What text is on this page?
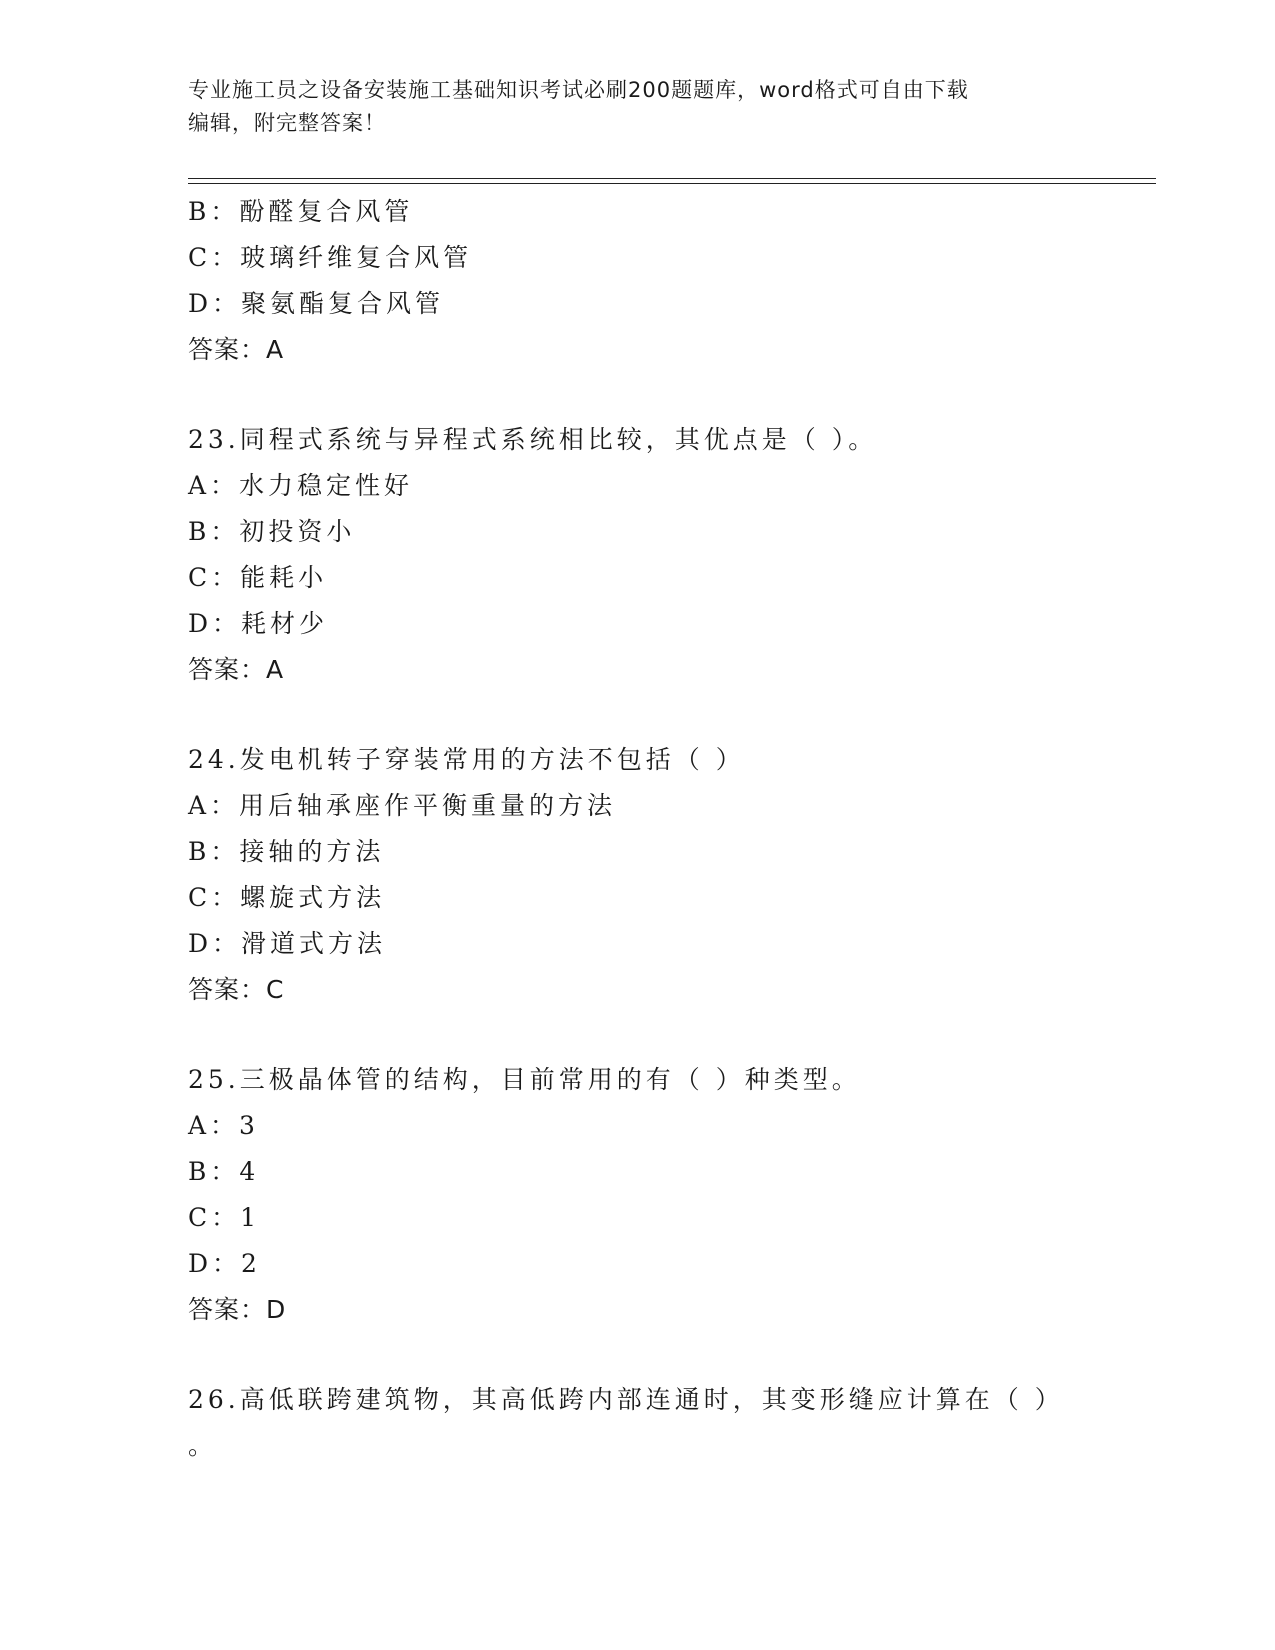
专业施工员之设备安装施工基础知识考试必刷200题题库，word格式可自由下载
编辑，附完整答案！
B：酚醛复合风管
C：玻璃纤维复合风管
D：聚氨酯复合风管
答案：A
23.同程式系统与异程式系统相比较，其优点是（ ）。
A：水力稳定性好
B：初投资小
C：能耗小
D：耗材少
答案：A
24.发电机转子穿装常用的方法不包括（ ）
A：用后轴承座作平衡重量的方法
B：接轴的方法
C：螺旋式方法
D：滑道式方法
答案：C
25.三极晶体管的结构，目前常用的有（ ）种类型。
A：3
B：4
C：1
D：2
答案：D
26.高低联跨建筑物，其高低跨内部连通时，其变形缝应计算在（ ）
。
